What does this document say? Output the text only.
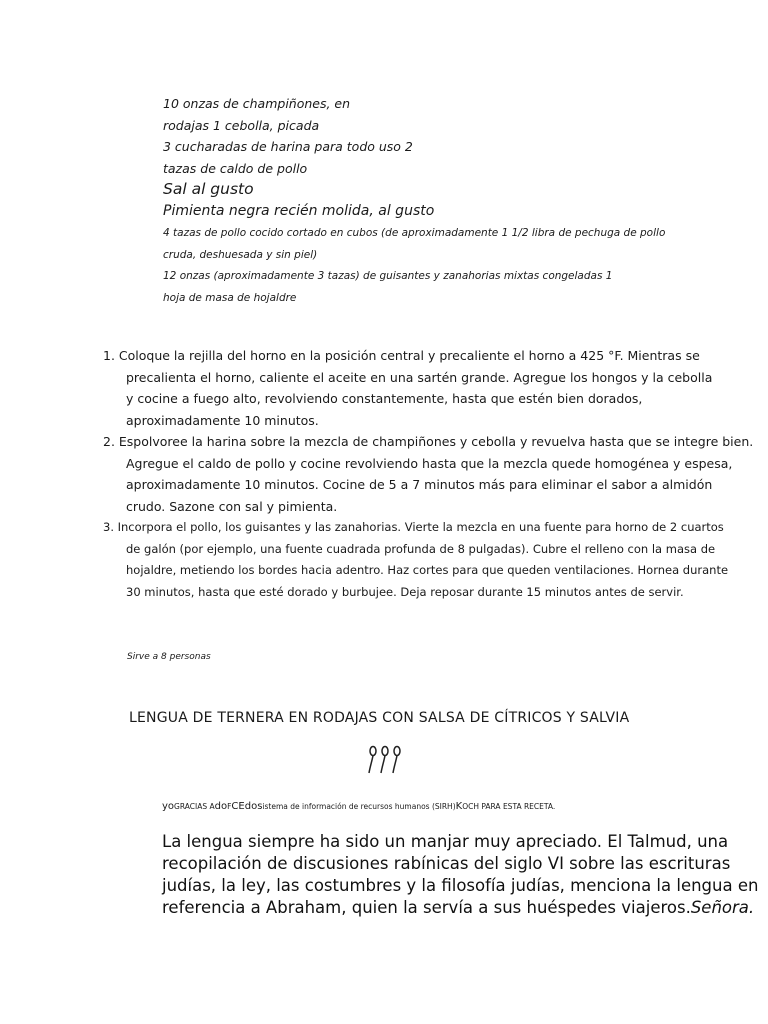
10 onzas de champiñones, en
rodajas 1 cebolla, picada
3 cucharadas de harina para todo uso 2
tazas de caldo de pollo
Sal al gusto
Pimienta negra recién molida, al gusto
4 tazas de pollo cocido cortado en cubos (de aproximadamente 1 1/2 libra de pechuga de pollo
cruda, deshuesada y sin piel)
12 onzas (aproximadamente 3 tazas) de guisantes y zanahorias mixtas congeladas 1
hoja de masa de hojaldre
1. Coloque la rejilla del horno en la posición central y precaliente el horno a 425 °F. Mientras se
precalienta el horno, caliente el aceite en una sartén grande. Agregue los hongos y la cebolla
y cocine a fuego alto, revolviendo constantemente, hasta que estén bien dorados,
aproximadamente 10 minutos.
2. Espolvoree la harina sobre la mezcla de champiñones y cebolla y revuelva hasta que se integre bien.
Agregue el caldo de pollo y cocine revolviendo hasta que la mezcla quede homogénea y espesa,
aproximadamente 10 minutos. Cocine de 5 a 7 minutos más para eliminar el sabor a almidón
crudo. Sazone con sal y pimienta.
3. Incorpora el pollo, los guisantes y las zanahorias. Vierte la mezcla en una fuente para horno de 2 cuartos
de galón (por ejemplo, una fuente cuadrada profunda de 8 pulgadas). Cubre el relleno con la masa de
hojaldre, metiendo los bordes hacia adentro. Haz cortes para que queden ventilaciones. Hornea durante
30 minutos, hasta que esté dorado y burbujee. Deja reposar durante 15 minutos antes de servir.
Sirve a 8 personas
LENGUA DE TERNERA EN RODAJAS CON SALSA DE CÍTRICOS Y SALVIA
yoGRACIAS AdoFCEdosistema de información de recursos humanos (SIRH)KOCH PARA ESTA RECETA.
La lengua siempre ha sido un manjar muy apreciado. El Talmud, una
recopilación de discusiones rabínicas del siglo VI sobre las escrituras
judías, la ley, las costumbres y la filosofía judías, menciona la lengua en
referencia a Abraham, quien la servía a sus huéspedes viajeros.Señora.
